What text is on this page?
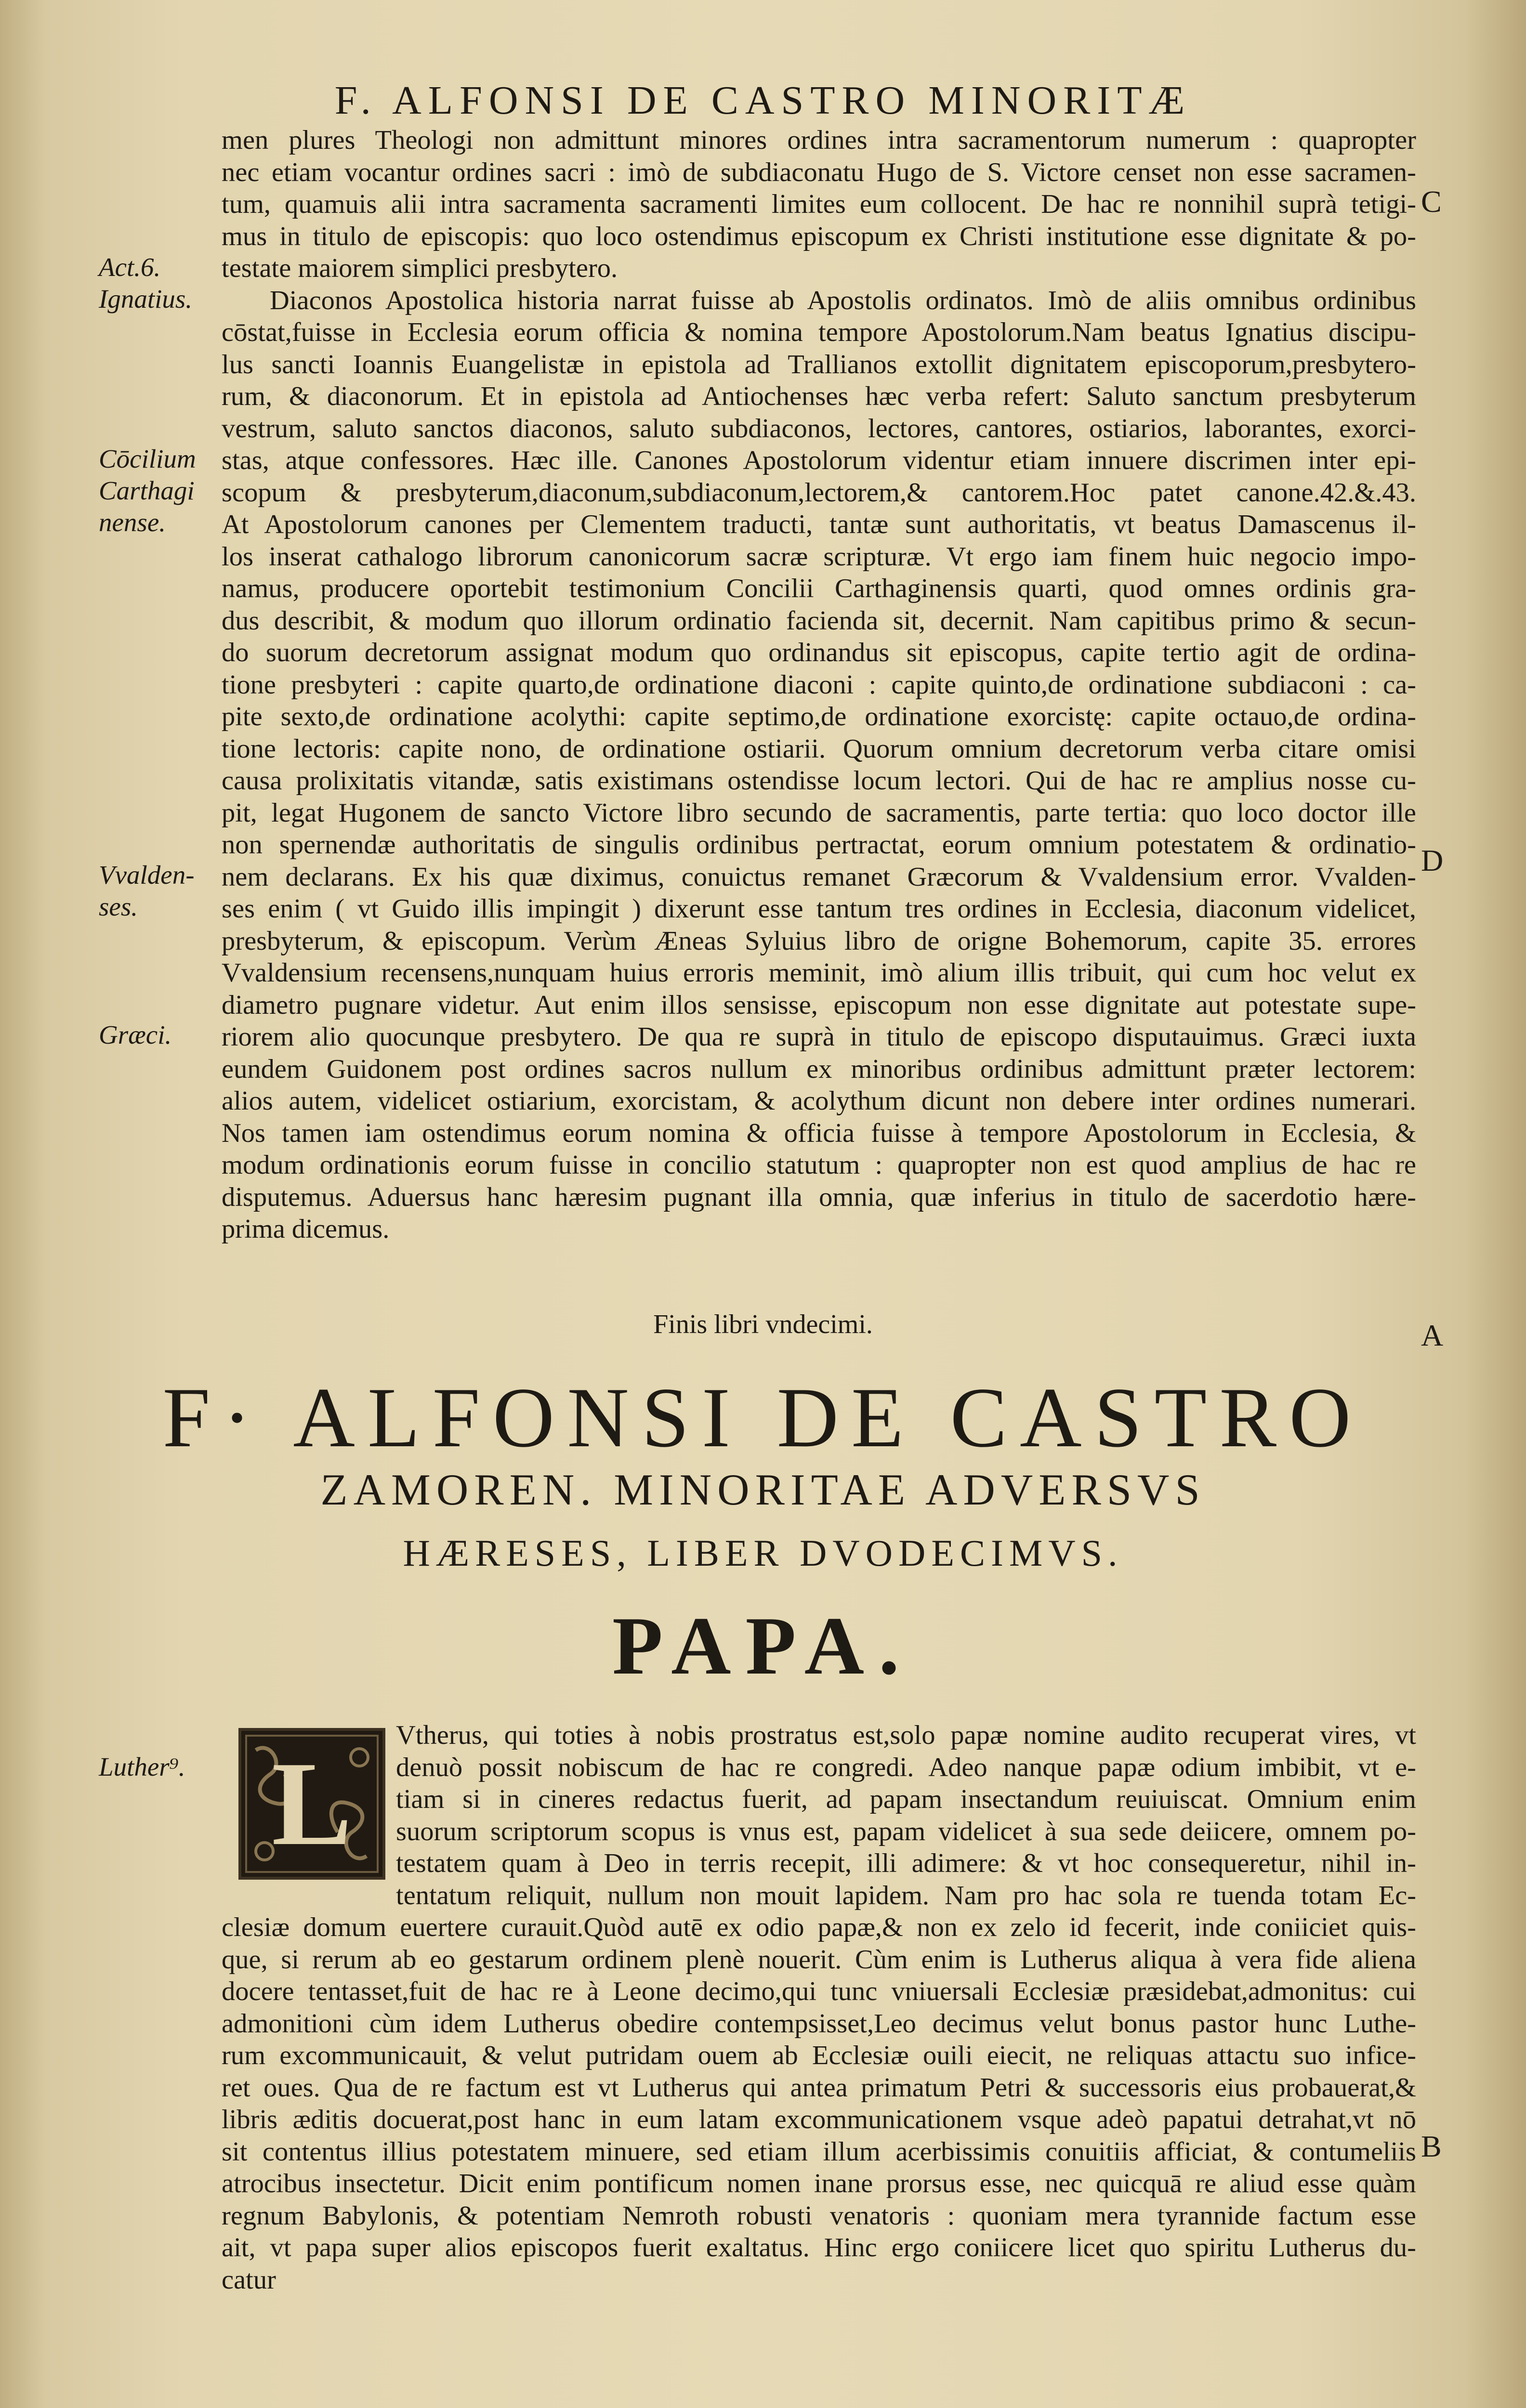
F. ALFONSI DE CASTRO MINORITÆ
men plures Theologi non admittunt minores ordines intra sacramentorum numerum : quapropter
nec etiam vocantur ordines sacri : imò de subdiaconatu Hugo de S. Victore censet non esse sacramen-
tum, quamuis alii intra sacramenta sacramenti limites eum collocent. De hac re nonnihil suprà tetigi-
mus in titulo de episcopis: quo loco ostendimus episcopum ex Christi institutione esse dignitate & po-
testate maiorem simplici presbytero.
Diaconos Apostolica historia narrat fuisse ab Apostolis ordinatos. Imò de aliis omnibus ordinibus
cōstat,fuisse in Ecclesia eorum officia & nomina tempore Apostolorum.Nam beatus Ignatius discipu-
lus sancti Ioannis Euangelistæ in epistola ad Trallianos extollit dignitatem episcoporum,presbytero-
rum, & diaconorum. Et in epistola ad Antiochenses hæc verba refert: Saluto sanctum presbyterum
vestrum, saluto sanctos diaconos, saluto subdiaconos, lectores, cantores, ostiarios, laborantes, exorci-
stas, atque confessores. Hæc ille. Canones Apostolorum videntur etiam innuere discrimen inter epi-
scopum & presbyterum,diaconum,subdiaconum,lectorem,& cantorem.Hoc patet canone.42.&.43.
At Apostolorum canones per Clementem traducti, tantæ sunt authoritatis, vt beatus Damascenus il-
los inserat cathalogo librorum canonicorum sacræ scripturæ. Vt ergo iam finem huic negocio impo-
namus, producere oportebit testimonium Concilii Carthaginensis quarti, quod omnes ordinis gra-
dus describit, & modum quo illorum ordinatio facienda sit, decernit. Nam capitibus primo & secun-
do suorum decretorum assignat modum quo ordinandus sit episcopus, capite tertio agit de ordina-
tione presbyteri : capite quarto,de ordinatione diaconi : capite quinto,de ordinatione subdiaconi : ca-
pite sexto,de ordinatione acolythi: capite septimo,de ordinatione exorcistę: capite octauo,de ordina-
tione lectoris: capite nono, de ordinatione ostiarii. Quorum omnium decretorum verba citare omisi
causa prolixitatis vitandæ, satis existimans ostendisse locum lectori. Qui de hac re amplius nosse cu-
pit, legat Hugonem de sancto Victore libro secundo de sacramentis, parte tertia: quo loco doctor ille
non spernendæ authoritatis de singulis ordinibus pertractat, eorum omnium potestatem & ordinatio-
nem declarans. Ex his quæ diximus, conuictus remanet Græcorum & Vvaldensium error. Vvalden-
ses enim ( vt Guido illis impingit ) dixerunt esse tantum tres ordines in Ecclesia, diaconum videlicet,
presbyterum, & episcopum. Verùm Æneas Syluius libro de origne Bohemorum, capite 35. errores
Vvaldensium recensens,nunquam huius erroris meminit, imò alium illis tribuit, qui cum hoc velut ex
diametro pugnare videtur. Aut enim illos sensisse, episcopum non esse dignitate aut potestate supe-
riorem alio quocunque presbytero. De qua re suprà in titulo de episcopo disputauimus. Græci iuxta
eundem Guidonem post ordines sacros nullum ex minoribus ordinibus admittunt præter lectorem:
alios autem, videlicet ostiarium, exorcistam, & acolythum dicunt non debere inter ordines numerari.
Nos tamen iam ostendimus eorum nomina & officia fuisse à tempore Apostolorum in Ecclesia, &
modum ordinationis eorum fuisse in concilio statutum : quapropter non est quod amplius de hac re
disputemus. Aduersus hanc hæresim pugnant illa omnia, quæ inferius in titulo de sacerdotio hære-
prima dicemus.
Act.6.
Ignatius.
Cōcilium
Carthagi
nense.
Vvalden-
ses.
Græci.
Luther⁹.
C
D
A
B
Finis libri vndecimi.
F· ALFONSI DE CASTRO
ZAMOREN. MINORITAE ADVERSVS
HÆRESES, LIBER DVODECIMVS.
PAPA.
L
Vtherus, qui toties à nobis prostratus est,solo papæ nomine audito recuperat vires, vt
denuò possit nobiscum de hac re congredi. Adeo nanque papæ odium imbibit, vt e-
tiam si in cineres redactus fuerit, ad papam insectandum reuiuiscat. Omnium enim
suorum scriptorum scopus is vnus est, papam videlicet à sua sede deiicere, omnem po-
testatem quam à Deo in terris recepit, illi adimere: & vt hoc consequeretur, nihil in-
tentatum reliquit, nullum non mouit lapidem. Nam pro hac sola re tuenda totam Ec-
clesiæ domum euertere curauit.Quòd autē ex odio papæ,& non ex zelo id fecerit, inde coniiciet quis-
que, si rerum ab eo gestarum ordinem plenè nouerit. Cùm enim is Lutherus aliqua à vera fide aliena
docere tentasset,fuit de hac re à Leone decimo,qui tunc vniuersali Ecclesiæ præsidebat,admonitus: cui
admonitioni cùm idem Lutherus obedire contempsisset,Leo decimus velut bonus pastor hunc Luthe-
rum excommunicauit, & velut putridam ouem ab Ecclesiæ ouili eiecit, ne reliquas attactu suo infice-
ret oues. Qua de re factum est vt Lutherus qui antea primatum Petri & successoris eius probauerat,&
libris æditis docuerat,post hanc in eum latam excommunicationem vsque adeò papatui detrahat,vt nō
sit contentus illius potestatem minuere, sed etiam illum acerbissimis conuitiis afficiat, & contumeliis
atrocibus insectetur. Dicit enim pontificum nomen inane prorsus esse, nec quicquā re aliud esse quàm
regnum Babylonis, & potentiam Nemroth robusti venatoris : quoniam mera tyrannide factum esse
ait, vt papa super alios episcopos fuerit exaltatus. Hinc ergo coniicere licet quo spiritu Lutherus du-
catur
